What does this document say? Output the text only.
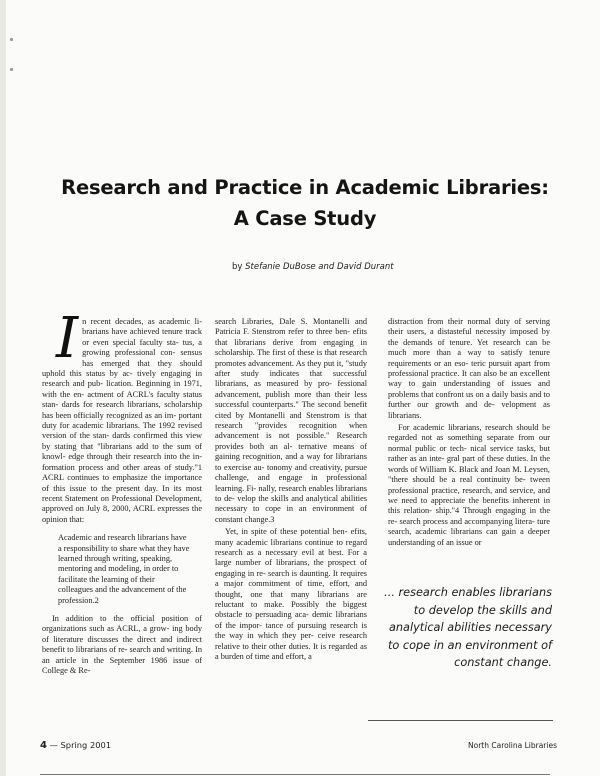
Research and Practice in Academic Libraries:
A Case Study
by Stefanie DuBose and David Durant
I n recent decades, as academic li- brarians have achieved tenure track or even special faculty sta- tus, a growing professional con- sensus has emerged that they should uphold this status by ac- tively engaging in research and pub- lication. Beginning in 1971, with the en- actment of ACRL's faculty status stan- dards for research librarians, scholarship has been officially recognized as an im- portant duty for academic librarians. The 1992 revised version of the stan- dards confirmed this view by stating that "librarians add to the sum of knowl- edge through their research into the in- formation process and other areas of study."1 ACRL continues to emphasize the importance of this issue to the present day. In its most recent Statement on Professional Development, approved on July 8, 2000, ACRL expresses the opinion that:

Academic and research librarians have a responsibility to share what they have learned through writing, speaking, mentoring and modeling, in order to facilitate the learning of their colleagues and the advancement of the profession.2

In addition to the official position of organizations such as ACRL, a grow- ing body of literature discusses the direct and indirect benefit to librarians of re- search and writing. In an article in the September 1986 issue of College & Re-

search Libraries, Dale S. Montanelli and Patricia F. Stenstrom refer to three ben- efits that librarians derive from engaging in scholarship. The first of these is that research promotes advancement. As they put it, "study after study indicates that successful librarians, as measured by pro- fessional advancement, publish more than their less successful counterparts." The second benefit cited by Montanelli and Stenstrom is that research "provides recognition when advancement is not possible." Research provides both an al- ternative means of gaining recognition, and a way for librarians to exercise au- tonomy and creativity, pursue challenge, and engage in professional learning. Fi- nally, research enables librarians to de- velop the skills and analytical abilities necessary to cope in an environment of constant change.3

Yet, in spite of these potential ben- efits, many academic librarians continue to regard research as a necessary evil at best. For a large number of librarians, the prospect of engaging in re- search is daunting. It requires a major commitment of time, effort, and thought, one that many librarians are reluctant to make. Possibly the biggest obstacle to persuading aca- demic librarians of the impor- tance of pursuing research is the way in which they per- ceive research relative to their other duties. It is regarded as a burden of time and effort, a

distraction from their normal duty of serving their users, a distasteful necessity imposed by the demands of tenure. Yet research can be much more than a way to satisfy tenure requirements or an eso- teric pursuit apart from professional practice. It can also be an excellent way to gain understanding of issues and problems that confront us on a daily basis and to further our growth and de- velopment as librarians.

For academic librarians, research should be regarded not as something separate from our normal public or tech- nical service tasks, but rather as an inte- gral part of these duties. In the words of William K. Black and Joan M. Leysen, "there should be a real continuity be- tween professional practice, research, and service, and we need to appreciate the benefits inherent in this relation- ship."4 Through engaging in the re- search process and accompanying litera- ture search, academic librarians can gain a deeper understanding of an issue or

... research enables librarians
to develop the skills and
analytical abilities necessary
to cope in an environment of
constant change.
4 — Spring 2001	North Carolina Libraries
